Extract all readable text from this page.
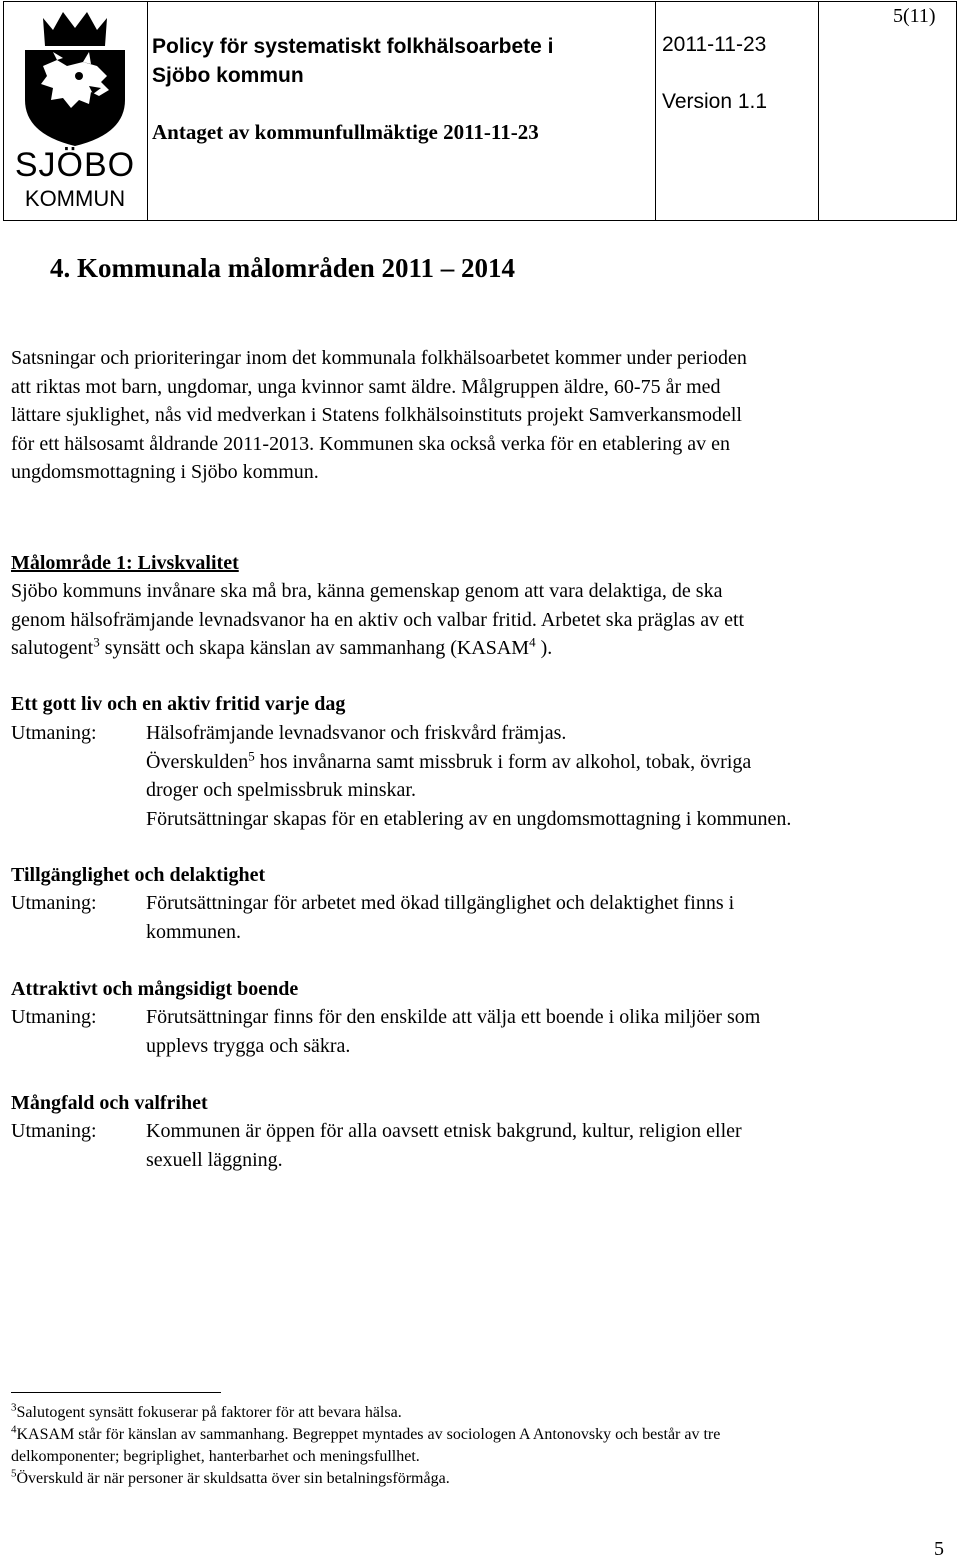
SJÖBO
KOMMUN
Policy för systematiskt folkhälsoarbete i
Sjöbo kommun
2011-11-23
Version 1.1
Antaget av kommunfullmäktige 2011-11-23
5(11)
4. Kommunala målområden 2011 – 2014
Satsningar och prioriteringar inom det kommunala folkhälsoarbetet kommer under perioden
att riktas mot barn, ungdomar, unga kvinnor samt äldre. Målgruppen äldre, 60-75 år med
lättare sjuklighet, nås vid medverkan i Statens folkhälsoinstituts projekt Samverkansmodell
för ett hälsosamt åldrande 2011-2013. Kommunen ska också verka för en etablering av en
ungdomsmottagning i Sjöbo kommun.
Målområde 1: Livskvalitet
Sjöbo kommuns invånare ska må bra, känna gemenskap genom att vara delaktiga, de ska
genom hälsofrämjande levnadsvanor ha en aktiv och valbar fritid. Arbetet ska präglas av ett
salutogent$^3$ synsätt och skapa känslan av sammanhang (KASAM$^4$ ).
Ett gott liv och en aktiv fritid varje dag
Utmaning: Hälsofrämjande levnadsvanor och friskvård främjas.
Överskulden$^5$ hos invånarna samt missbruk i form av alkohol, tobak, övriga
droger och spelmissbruk minskar.
Förutsättningar skapas för en etablering av en ungdomsmottagning i kommunen.
Tillgänglighet och delaktighet
Utmaning: Förutsättningar för arbetet med ökad tillgänglighet och delaktighet finns i
kommunen.
Attraktivt och mångsidigt boende
Utmaning: Förutsättningar finns för den enskilde att välja ett boende i olika miljöer som
upplevs trygga och säkra.
Mångfald och valfrihet
Utmaning: Kommunen är öppen för alla oavsett etnisk bakgrund, kultur, religion eller
sexuell läggning.
$^3$Salutogent synsätt fokuserar på faktorer för att bevara hälsa.
$^4$KASAM står för känslan av sammanhang. Begreppet myntades av sociologen A Antonovsky och består av tre
delkomponenter; begriplighet, hanterbarhet och meningsfullhet.
$^5$Överskuld är när personer är skuldsatta över sin betalningsförmåga.
5
